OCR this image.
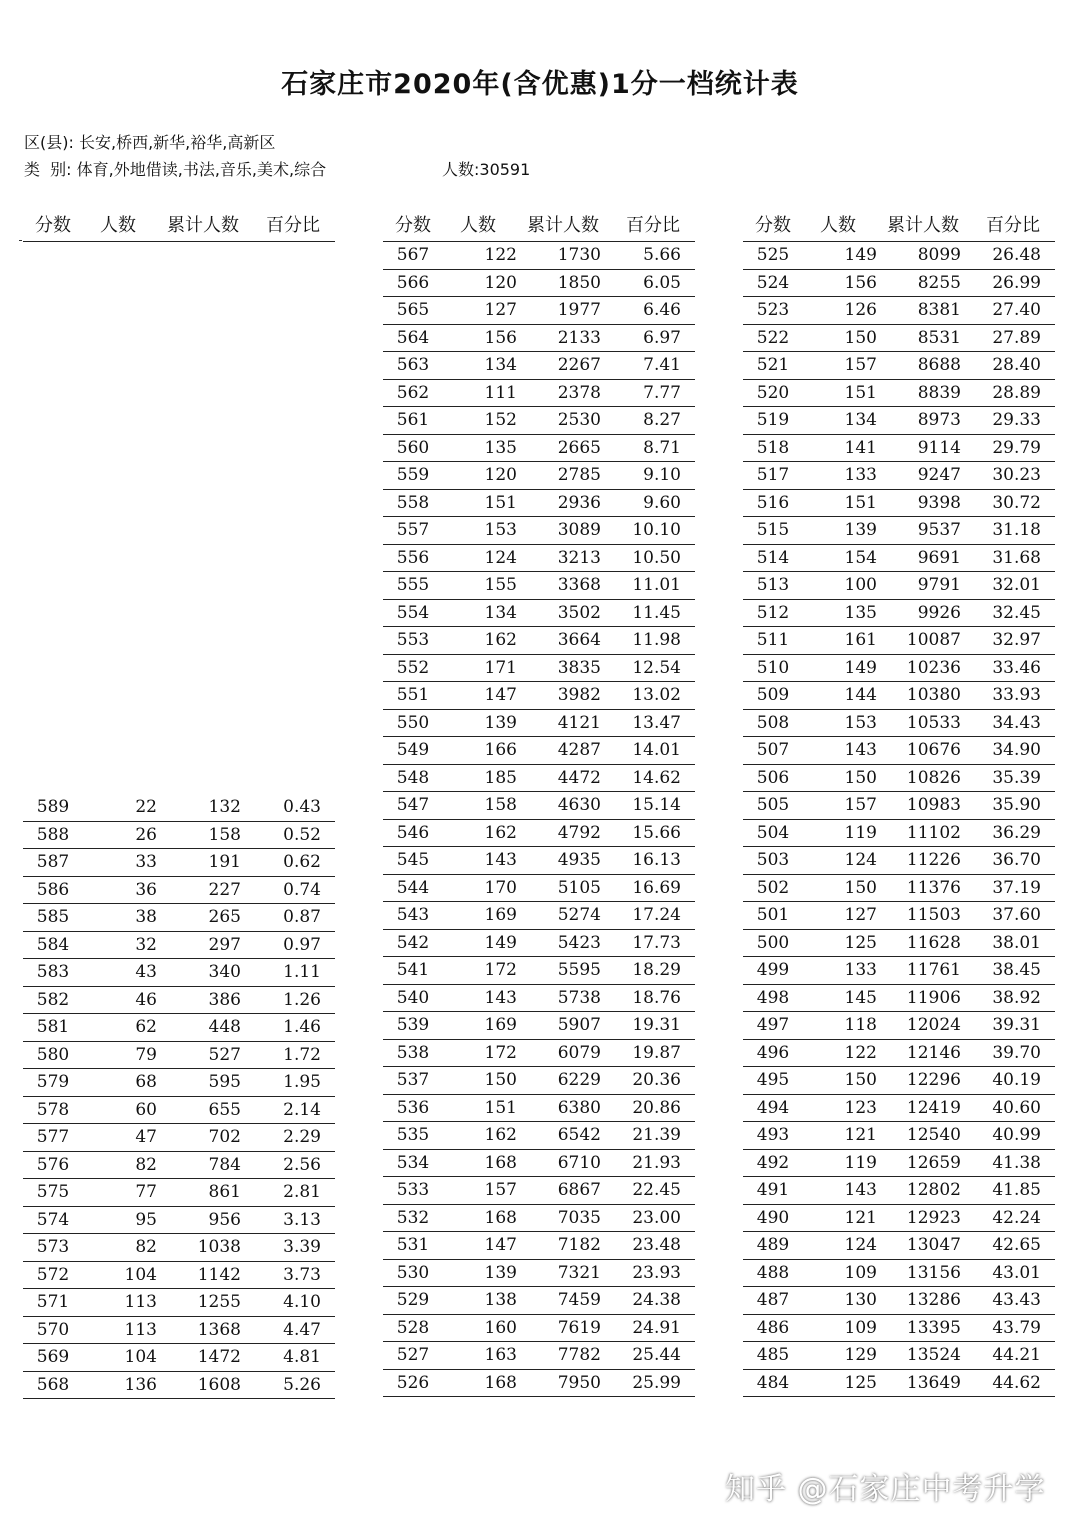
石家庄市2020年(含优惠)1分一档统计表
区(县): 长安,桥西,新华,裕华,高新区
类  别: 体育,外地借读,书法,音乐,美术,综合	人数:30591
分数	人数	累计人数	百分比
589	22	132	0.43
588	26	158	0.52
587	33	191	0.62
586	36	227	0.74
585	38	265	0.87
584	32	297	0.97
583	43	340	1.11
582	46	386	1.26
581	62	448	1.46
580	79	527	1.72
579	68	595	1.95
578	60	655	2.14
577	47	702	2.29
576	82	784	2.56
575	77	861	2.81
574	95	956	3.13
573	82	1038	3.39
572	104	1142	3.73
571	113	1255	4.10
570	113	1368	4.47
569	104	1472	4.81
568	136	1608	5.26
分数	人数	累计人数	百分比
567	122	1730	5.66
566	120	1850	6.05
565	127	1977	6.46
564	156	2133	6.97
563	134	2267	7.41
562	111	2378	7.77
561	152	2530	8.27
560	135	2665	8.71
559	120	2785	9.10
558	151	2936	9.60
557	153	3089	10.10
556	124	3213	10.50
555	155	3368	11.01
554	134	3502	11.45
553	162	3664	11.98
552	171	3835	12.54
551	147	3982	13.02
550	139	4121	13.47
549	166	4287	14.01
548	185	4472	14.62
547	158	4630	15.14
546	162	4792	15.66
545	143	4935	16.13
544	170	5105	16.69
543	169	5274	17.24
542	149	5423	17.73
541	172	5595	18.29
540	143	5738	18.76
539	169	5907	19.31
538	172	6079	19.87
537	150	6229	20.36
536	151	6380	20.86
535	162	6542	21.39
534	168	6710	21.93
533	157	6867	22.45
532	168	7035	23.00
531	147	7182	23.48
530	139	7321	23.93
529	138	7459	24.38
528	160	7619	24.91
527	163	7782	25.44
526	168	7950	25.99
分数	人数	累计人数	百分比
525	149	8099	26.48
524	156	8255	26.99
523	126	8381	27.40
522	150	8531	27.89
521	157	8688	28.40
520	151	8839	28.89
519	134	8973	29.33
518	141	9114	29.79
517	133	9247	30.23
516	151	9398	30.72
515	139	9537	31.18
514	154	9691	31.68
513	100	9791	32.01
512	135	9926	32.45
511	161	10087	32.97
510	149	10236	33.46
509	144	10380	33.93
508	153	10533	34.43
507	143	10676	34.90
506	150	10826	35.39
505	157	10983	35.90
504	119	11102	36.29
503	124	11226	36.70
502	150	11376	37.19
501	127	11503	37.60
500	125	11628	38.01
499	133	11761	38.45
498	145	11906	38.92
497	118	12024	39.31
496	122	12146	39.70
495	150	12296	40.19
494	123	12419	40.60
493	121	12540	40.99
492	119	12659	41.38
491	143	12802	41.85
490	121	12923	42.24
489	124	13047	42.65
488	109	13156	43.01
487	130	13286	43.43
486	109	13395	43.79
485	129	13524	44.21
484	125	13649	44.62
知乎 @石家庄中考升学
